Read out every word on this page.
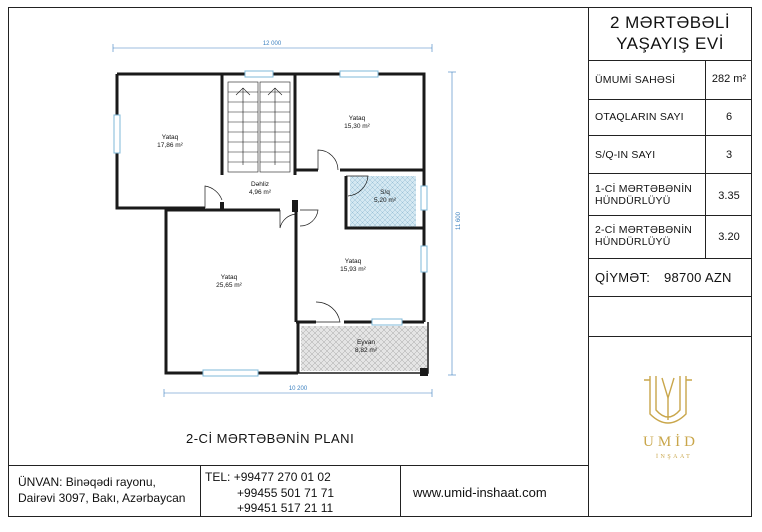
2 MƏRTƏBƏLİ
YAŞAYIŞ EVİ
ÜMUMİ SAHƏSİ	282 m²
OTAQLARIN SAYI	6
S/Q-IN SAYI	3
1-Cİ MƏRTƏBƏNİN
HÜNDÜRLÜYÜ	3.35
2-Cİ MƏRTƏBƏNİN
HÜNDÜRLÜYÜ	3.20
QİYMƏT: 98700 AZN
UMİD
İNŞAAT
12 000
10 200
11 600
Yataq
17,86 m²
Yataq
15,30 m²
Dəhliz
4,96 m²	S/q
5,20 m²
Yataq
25,65 m²
Yataq
15,93 m²
Eyvan
8,82 m²
2-Cİ MƏRTƏBƏNİN PLANI
ÜNVAN: Binəqədi rayonu,
Dairəvi 3097, Bakı, Azərbaycan
TEL: +99477 270 01 02
+99455 501 71 71
+99451 517 21 11
www.umid-inshaat.com
